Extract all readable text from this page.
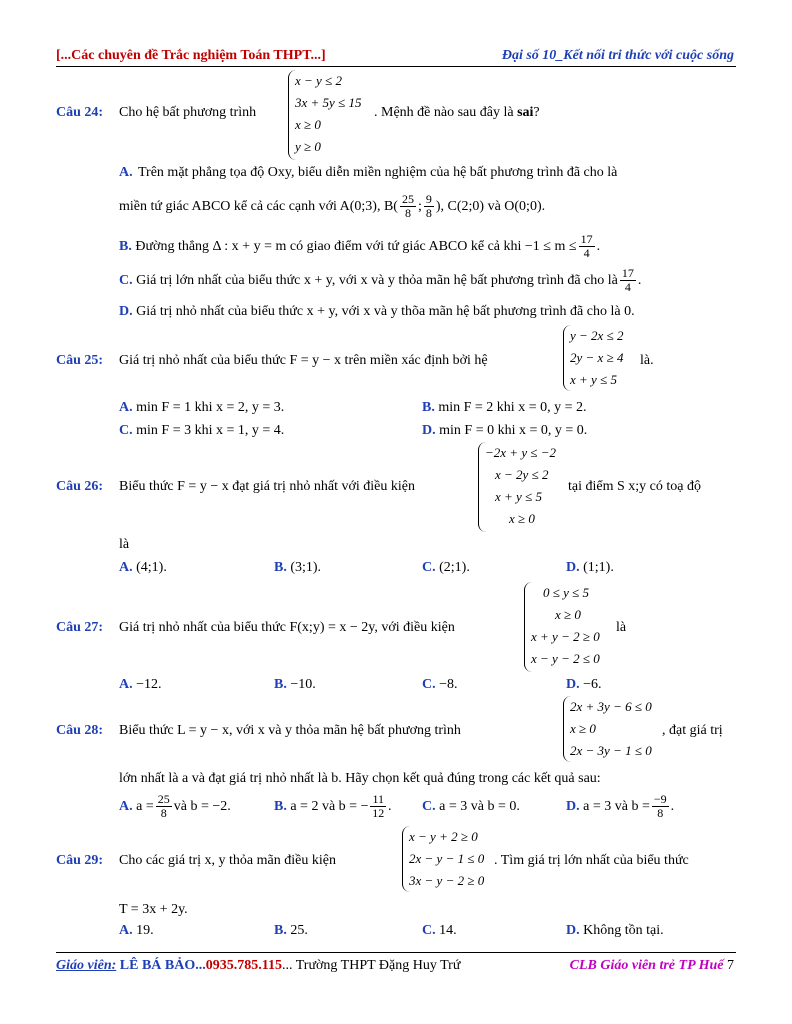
[...Các chuyên đề Trắc nghiệm Toán THPT...]	Đại số 10_Kết nối tri thức với cuộc sống
Câu 24: Cho hệ bất phương trình
x − y ≤ 2
3x + 5y ≤ 15
x ≥ 0
y ≥ 0
. Mệnh đề nào sau đây là sai?
A. Trên mặt phẳng tọa độ Oxy, biểu diễn miền nghiệm của hệ bất phương trình đã cho là
miền tứ giác ABCO kể cả các cạnh với A(0;3), $B( \frac{25}{8}$ ; $\frac{9}{8}$ ), C(2;0) và O(0;0).
B. Đường thẳng Δ : x + y = m có giao điểm với tứ giác ABCO kể cả khi $-1 \le m \le \frac{17}{4}$ .
C. Giá trị lớn nhất của biểu thức x + y, với x và y thỏa mãn hệ bất phương trình đã cho là $\frac{17}{4}$ .
D. Giá trị nhỏ nhất của biểu thức x + y, với x và y thõa mãn hệ bất phương trình đã cho là 0.
Câu 25: Giá trị nhỏ nhất của biểu thức F = y − x trên miền xác định bởi hệ
y − 2x ≤ 2
2y − x ≥ 4
x + y ≤ 5
là.
A. min F = 1 khi x = 2, y = 3.	B. min F = 2 khi x = 0, y = 2.
C. min F = 3 khi x = 1, y = 4.	D. min F = 0 khi x = 0, y = 0.
Câu 26: Biểu thức F = y − x đạt giá trị nhỏ nhất với điều kiện
−2x + y ≤ −2
x − 2y ≤ 2
x + y ≤ 5
x ≥ 0
tại điểm S x;y có toạ độ
là
A. (4;1).	B. (3;1).	C. (2;1).	D. (1;1).
Câu 27: Giá trị nhỏ nhất của biểu thức F(x;y) = x − 2y, với điều kiện
0 ≤ y ≤ 5
x ≥ 0
x + y − 2 ≥ 0
x − y − 2 ≤ 0
là
A. −12.	B. −10.	C. −8.	D. −6.
Câu 28: Biểu thức L = y − x, với x và y thỏa mãn hệ bất phương trình
2x + 3y − 6 ≤ 0
x ≥ 0
2x − 3y − 1 ≤ 0
, đạt giá trị
lớn nhất là a và đạt giá trị nhỏ nhất là b. Hãy chọn kết quả đúng trong các kết quả sau:
A. $a = \frac{25}{8}$ và b = −2.	B. a = 2 và b = − $\frac{11}{12}$ . C. a = 3 và b = 0.	D. a = 3 và $b = \frac{-9}{8}$ .
Câu 29: Cho các giá trị x, y thỏa mãn điều kiện
x − y + 2 ≥ 0
2x − y − 1 ≤ 0
3x − y − 2 ≥ 0
. Tìm giá trị lớn nhất của biểu thức
T = 3x + 2y.
A. 19.	B. 25.	C. 14.	D. Không tồn tại.
Giáo viên: LÊ BÁ BẢO...0935.785.115... Trường THPT Đặng Huy Trứ	CLB Giáo viên trẻ TP Huế 7
